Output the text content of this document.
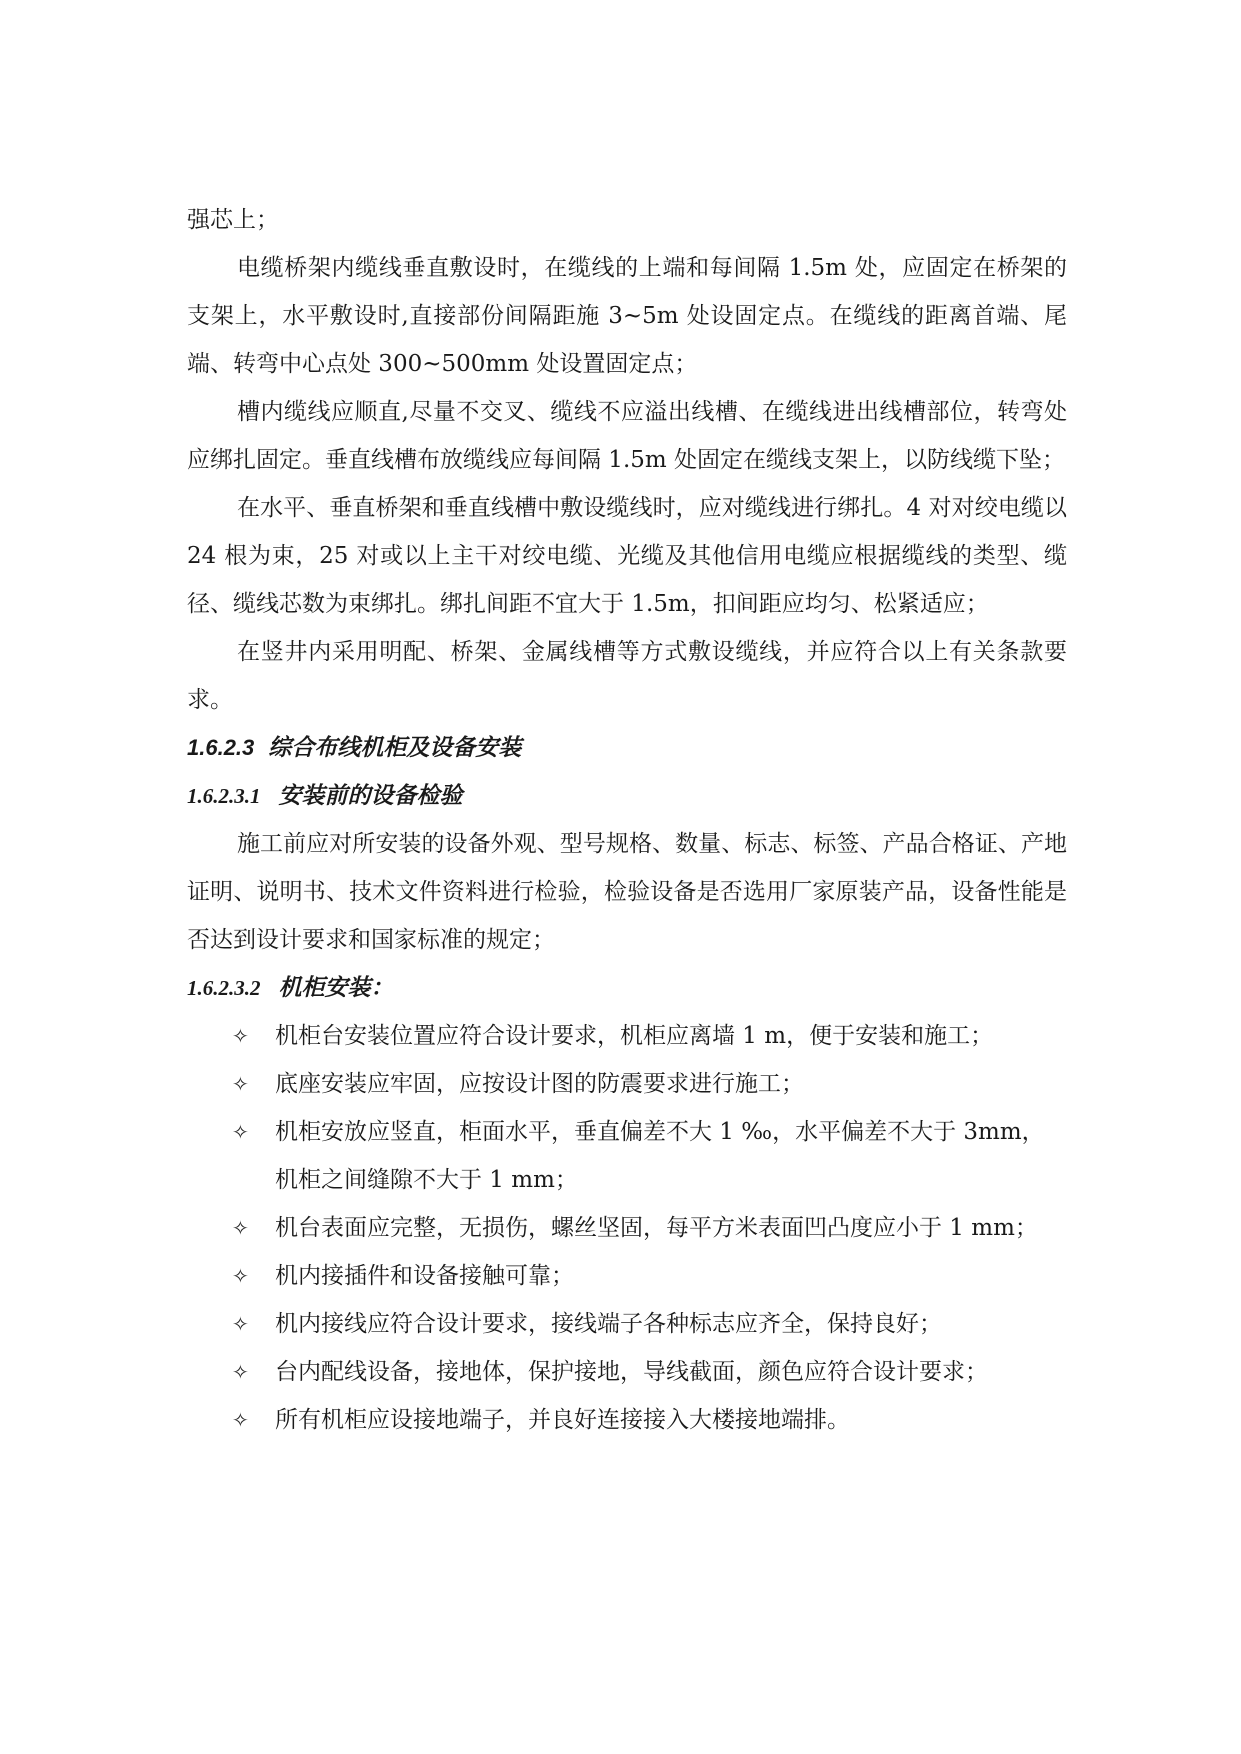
强芯上；

电缆桥架内缆线垂直敷设时，在缆线的上端和每间隔 1.5m 处，应固定在桥架的支架上，水平敷设时,直接部份间隔距施 3~5m 处设固定点。在缆线的距离首端、尾端、转弯中心点处 300~500mm 处设置固定点；

槽内缆线应顺直,尽量不交叉、缆线不应溢出线槽、在缆线进出线槽部位，转弯处应绑扎固定。垂直线槽布放缆线应每间隔 1.5m 处固定在缆线支架上，以防线缆下坠；

在水平、垂直桥架和垂直线槽中敷设缆线时，应对缆线进行绑扎。4 对对绞电缆以 24 根为束，25 对或以上主干对绞电缆、光缆及其他信用电缆应根据缆线的类型、缆径、缆线芯数为束绑扎。绑扎间距不宜大于 1.5m，扣间距应均匀、松紧适应；

在竖井内采用明配、桥架、金属线槽等方式敷设缆线，并应符合以上有关条款要求。

1.6.2.3 综合布线机柜及设备安装
1.6.2.3.1 安装前的设备检验

施工前应对所安装的设备外观、型号规格、数量、标志、标签、产品合格证、产地证明、说明书、技术文件资料进行检验，检验设备是否选用厂家原装产品，设备性能是否达到设计要求和国家标准的规定；

1.6.2.3.2 机柜安装：
✧ 机柜台安装位置应符合设计要求，机柜应离墙 1 m，便于安装和施工；
✧ 底座安装应牢固，应按设计图的防震要求进行施工；
✧ 机柜安放应竖直，柜面水平，垂直偏差不大 1 ‰，水平偏差不大于 3mm，机柜之间缝隙不大于 1 mm；
✧ 机台表面应完整，无损伤，螺丝坚固，每平方米表面凹凸度应小于 1 mm；
✧ 机内接插件和设备接触可靠；
✧ 机内接线应符合设计要求，接线端子各种标志应齐全，保持良好；
✧ 台内配线设备，接地体，保护接地，导线截面，颜色应符合设计要求；
✧ 所有机柜应设接地端子，并良好连接接入大楼接地端排。
